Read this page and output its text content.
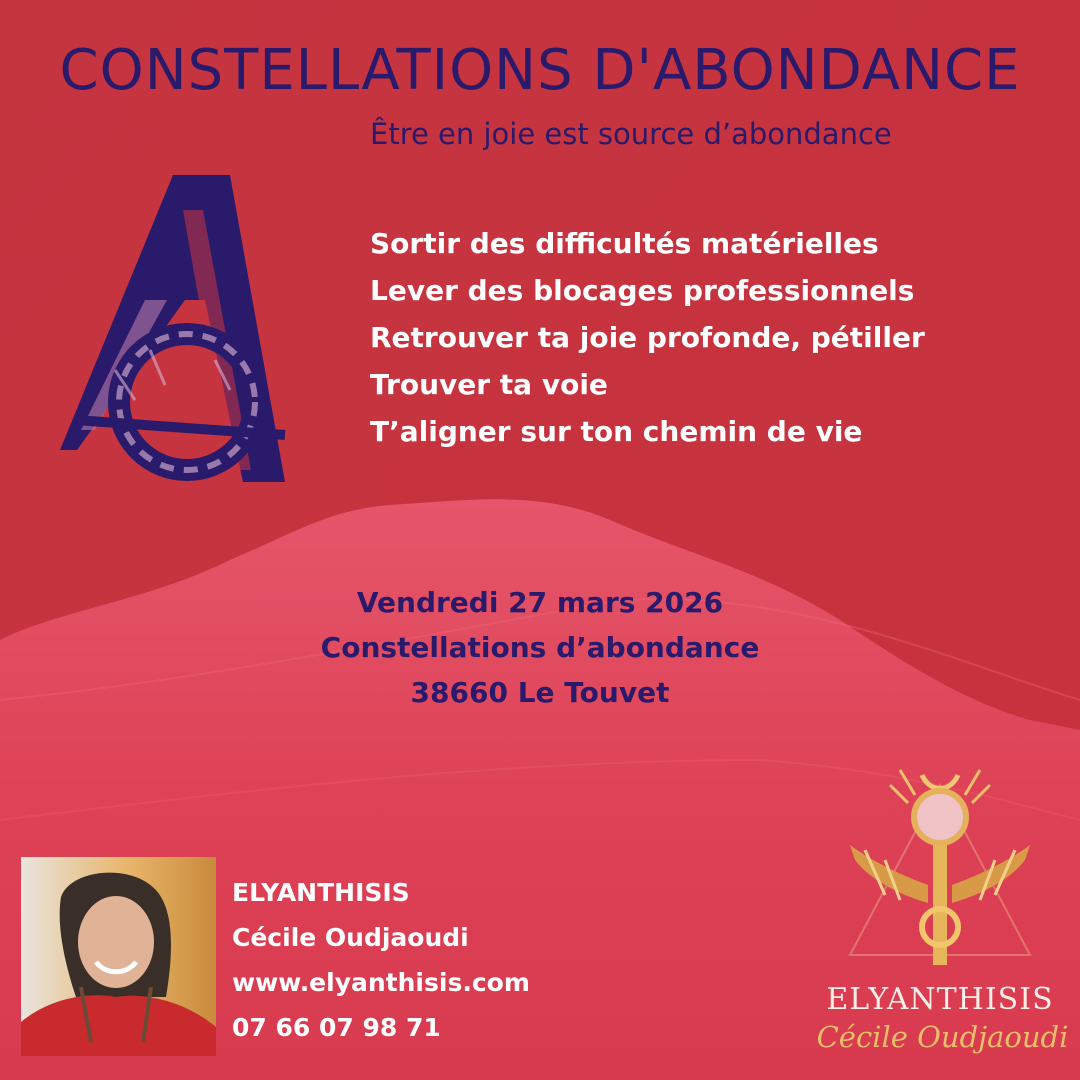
CONSTELLATIONS D'ABONDANCE
Être en joie est source d’abondance
Sortir des difficultés matérielles
Lever des blocages professionnels
Retrouver ta joie profonde, pétiller
Trouver ta voie
T’aligner sur ton chemin de vie
Vendredi 27 mars 2026
Constellations d’abondance
38660 Le Touvet
ELYANTHISIS
Cécile Oudjaoudi
www.elyanthisis.com
07 66 07 98 71
ELYANTHISIS
Cécile Oudjaoudi
